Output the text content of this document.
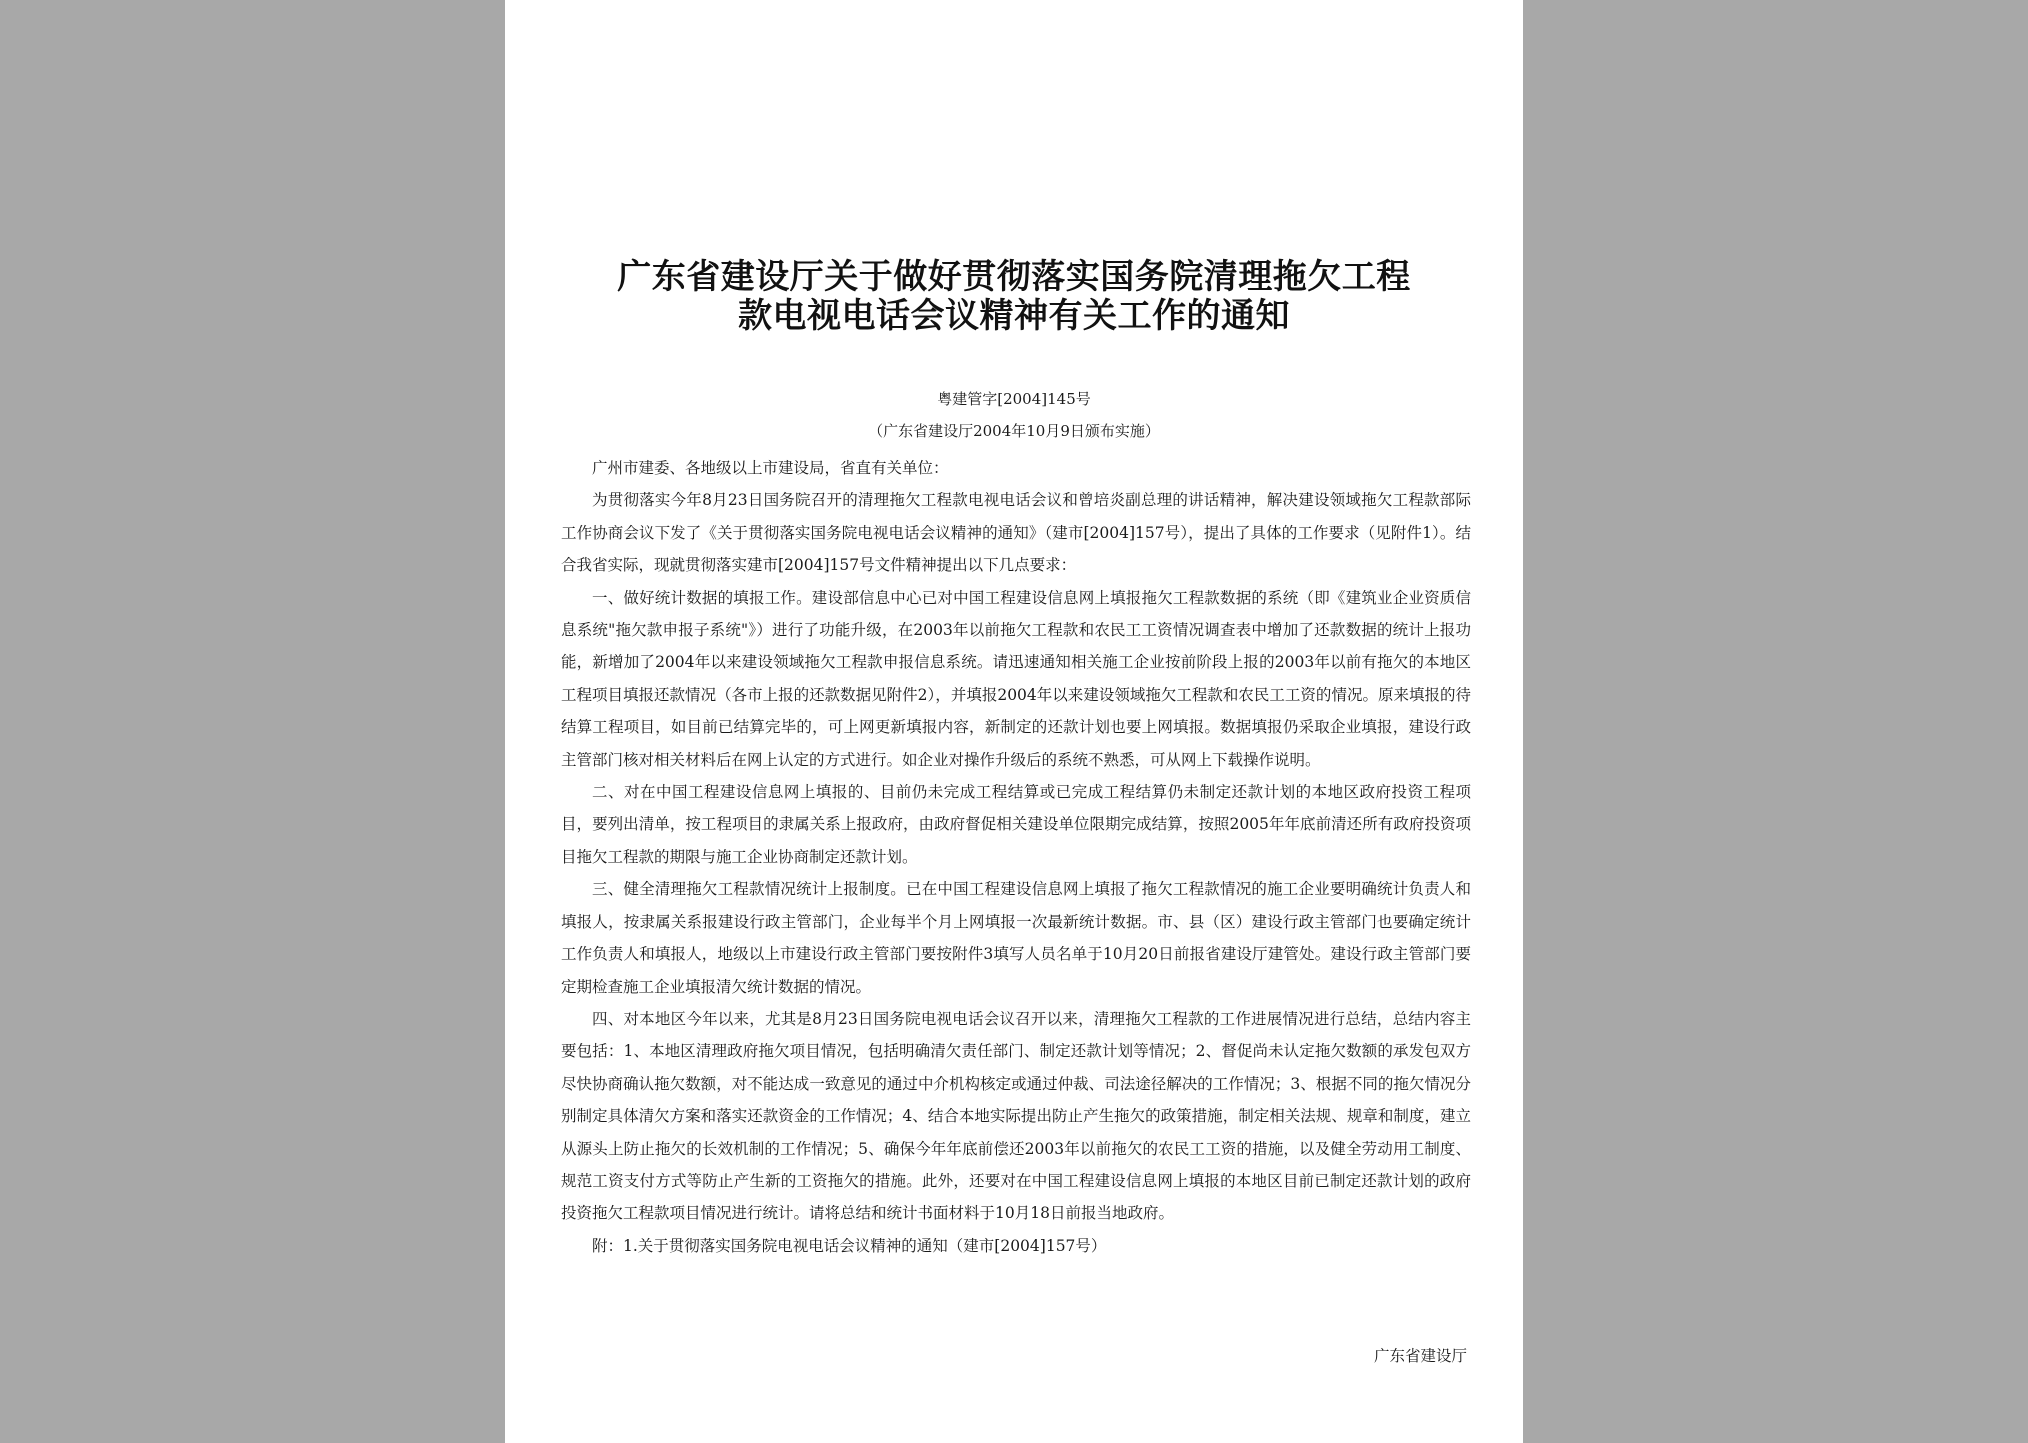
广东省建设厅关于做好贯彻落实国务院清理拖欠工程
款电视电话会议精神有关工作的通知
粤建管字[2004]145号
（广东省建设厅2004年10月9日颁布实施）

广州市建委、各地级以上市建设局，省直有关单位：

为贯彻落实今年8月23日国务院召开的清理拖欠工程款电视电话会议和曾培炎副总理的讲话精神，解决建设领域拖欠工程款部际工作协商会议下发了《关于贯彻落实国务院电视电话会议精神的通知》（建市[2004]157号），提出了具体的工作要求（见附件1）。结合我省实际，现就贯彻落实建市[2004]157号文件精神提出以下几点要求：

一、做好统计数据的填报工作。建设部信息中心已对中国工程建设信息网上填报拖欠工程款数据的系统（即《建筑业企业资质信息系统"拖欠款申报子系统"》）进行了功能升级，在2003年以前拖欠工程款和农民工工资情况调查表中增加了还款数据的统计上报功能，新增加了2004年以来建设领域拖欠工程款申报信息系统。请迅速通知相关施工企业按前阶段上报的2003年以前有拖欠的本地区工程项目填报还款情况（各市上报的还款数据见附件2），并填报2004年以来建设领域拖欠工程款和农民工工资的情况。原来填报的待结算工程项目，如目前已结算完毕的，可上网更新填报内容，新制定的还款计划也要上网填报。数据填报仍采取企业填报，建设行政主管部门核对相关材料后在网上认定的方式进行。如企业对操作升级后的系统不熟悉，可从网上下载操作说明。

二、对在中国工程建设信息网上填报的、目前仍未完成工程结算或已完成工程结算仍未制定还款计划的本地区政府投资工程项目，要列出清单，按工程项目的隶属关系上报政府，由政府督促相关建设单位限期完成结算，按照2005年年底前清还所有政府投资项目拖欠工程款的期限与施工企业协商制定还款计划。

三、健全清理拖欠工程款情况统计上报制度。已在中国工程建设信息网上填报了拖欠工程款情况的施工企业要明确统计负责人和填报人，按隶属关系报建设行政主管部门，企业每半个月上网填报一次最新统计数据。市、县（区）建设行政主管部门也要确定统计工作负责人和填报人，地级以上市建设行政主管部门要按附件3填写人员名单于10月20日前报省建设厅建管处。建设行政主管部门要定期检查施工企业填报清欠统计数据的情况。

四、对本地区今年以来，尤其是8月23日国务院电视电话会议召开以来，清理拖欠工程款的工作进展情况进行总结，总结内容主要包括：1、本地区清理政府拖欠项目情况，包括明确清欠责任部门、制定还款计划等情况；2、督促尚未认定拖欠数额的承发包双方尽快协商确认拖欠数额，对不能达成一致意见的通过中介机构核定或通过仲裁、司法途径解决的工作情况；3、根据不同的拖欠情况分别制定具体清欠方案和落实还款资金的工作情况；4、结合本地实际提出防止产生拖欠的政策措施，制定相关法规、规章和制度，建立从源头上防止拖欠的长效机制的工作情况；5、确保今年年底前偿还2003年以前拖欠的农民工工资的措施，以及健全劳动用工制度、规范工资支付方式等防止产生新的工资拖欠的措施。此外，还要对在中国工程建设信息网上填报的本地区目前已制定还款计划的政府投资拖欠工程款项目情况进行统计。请将总结和统计书面材料于10月18日前报当地政府。

附：1.关于贯彻落实国务院电视电话会议精神的通知（建市[2004]157号）

广东省建设厅
